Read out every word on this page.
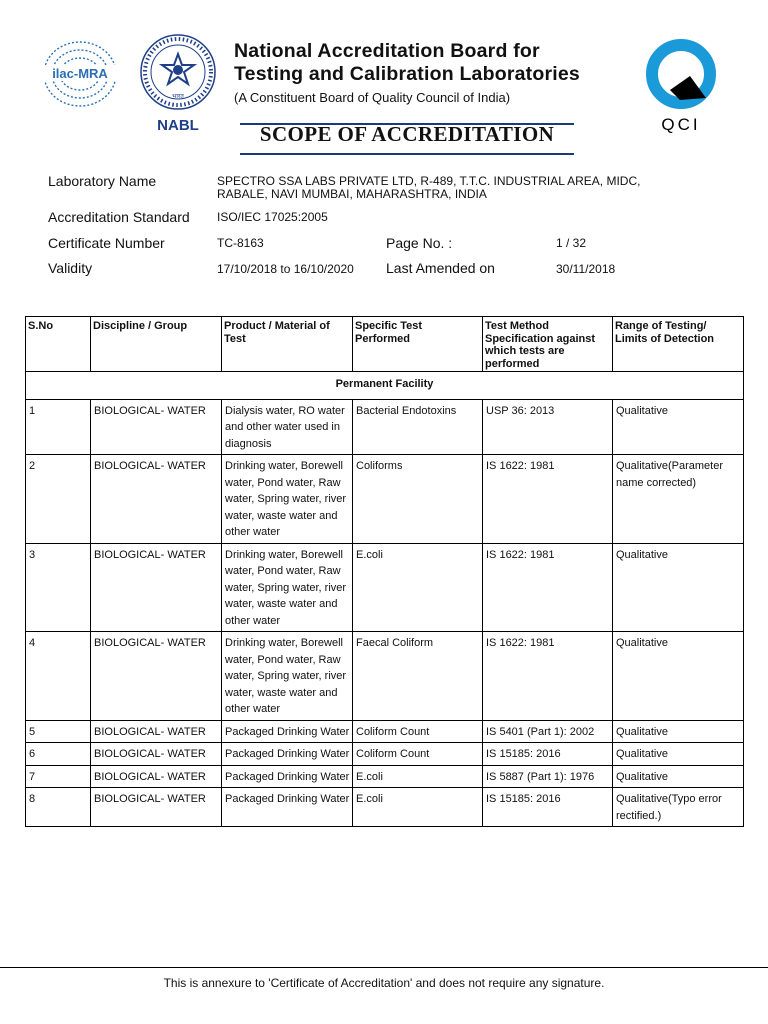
ilac-MRA
भारत
NABL	QCI
National Accreditation Board for
Testing and Calibration Laboratories
(A Constituent Board of Quality Council of India)
SCOPE OF ACCREDITATION
Laboratory Name	SPECTRO SSA LABS PRIVATE LTD, R-489, T.T.C. INDUSTRIAL AREA, MIDC,
RABALE, NAVI MUMBAI, MAHARASHTRA, INDIA
Accreditation Standard ISO/IEC 17025:2005
Certificate Number	TC-8163	Page No. :	1 / 32
Validity	17/10/2018 to 16/10/2020 Last Amended on	30/11/2018
S.No	Discipline / Group	Product / Material of Test	Specific Test Performed	Test Method Specification against which tests are performed	Range of Testing/ Limits of Detection
Permanent Facility					
1	BIOLOGICAL- WATER	Dialysis water, RO water and other water used in diagnosis	Bacterial Endotoxins	USP 36: 2013	Qualitative
2	BIOLOGICAL- WATER	Drinking water, Borewell water, Pond water, Raw water, Spring water, river water, waste water and other water	Coliforms	IS 1622: 1981	Qualitative(Parameter name corrected)
3	BIOLOGICAL- WATER	Drinking water, Borewell water, Pond water, Raw water, Spring water, river water, waste water and other water	E.coli	IS 1622: 1981	Qualitative
4	BIOLOGICAL- WATER	Drinking water, Borewell water, Pond water, Raw water, Spring water, river water, waste water and other water	Faecal Coliform	IS 1622: 1981	Qualitative
5	BIOLOGICAL- WATER	Packaged Drinking Water	Coliform Count	IS 5401 (Part 1): 2002	Qualitative
6	BIOLOGICAL- WATER	Packaged Drinking Water	Coliform Count	IS 15185: 2016	Qualitative
7	BIOLOGICAL- WATER	Packaged Drinking Water	E.coli	IS 5887 (Part 1): 1976	Qualitative
8	BIOLOGICAL- WATER	Packaged Drinking Water	E.coli	IS 15185: 2016	Qualitative(Typo error rectified.)
This is annexure to 'Certificate of Accreditation' and does not require any signature.
